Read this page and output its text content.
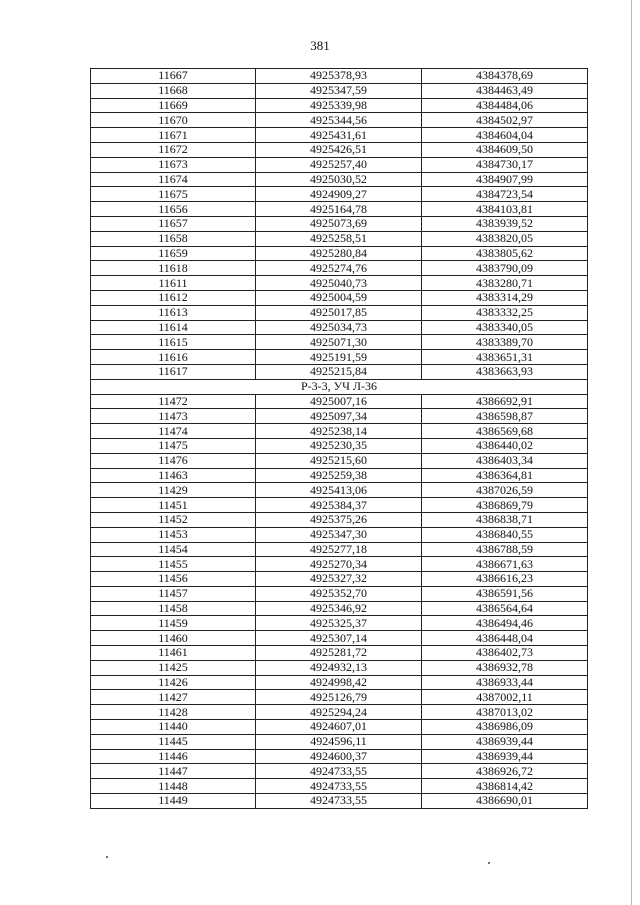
381
11667	4925378,93	4384378,69
11668	4925347,59	4384463,49
11669	4925339,98	4384484,06
11670	4925344,56	4384502,97
11671	4925431,61	4384604,04
11672	4925426,51	4384609,50
11673	4925257,40	4384730,17
11674	4925030,52	4384907,99
11675	4924909,27	4384723,54
11656	4925164,78	4384103,81
11657	4925073,69	4383939,52
11658	4925258,51	4383820,05
11659	4925280,84	4383805,62
11618	4925274,76	4383790,09
11611	4925040,73	4383280,71
11612	4925004,59	4383314,29
11613	4925017,85	4383332,25
11614	4925034,73	4383340,05
11615	4925071,30	4383389,70
11616	4925191,59	4383651,31
11617	4925215,84	4383663,93
Р-3-3, УЧ Л-36		
11472	4925007,16	4386692,91
11473	4925097,34	4386598,87
11474	4925238,14	4386569,68
11475	4925230,35	4386440,02
11476	4925215,60	4386403,34
11463	4925259,38	4386364,81
11429	4925413,06	4387026,59
11451	4925384,37	4386869,79
11452	4925375,26	4386838,71
11453	4925347,30	4386840,55
11454	4925277,18	4386788,59
11455	4925270,34	4386671,63
11456	4925327,32	4386616,23
11457	4925352,70	4386591,56
11458	4925346,92	4386564,64
11459	4925325,37	4386494,46
11460	4925307,14	4386448,04
11461	4925281,72	4386402,73
11425	4924932,13	4386932,78
11426	4924998,42	4386933,44
11427	4925126,79	4387002,11
11428	4925294,24	4387013,02
11440	4924607,01	4386986,09
11445	4924596,11	4386939,44
11446	4924600,37	4386939,44
11447	4924733,55	4386926,72
11448	4924733,55	4386814,42
11449	4924733,55	4386690,01
